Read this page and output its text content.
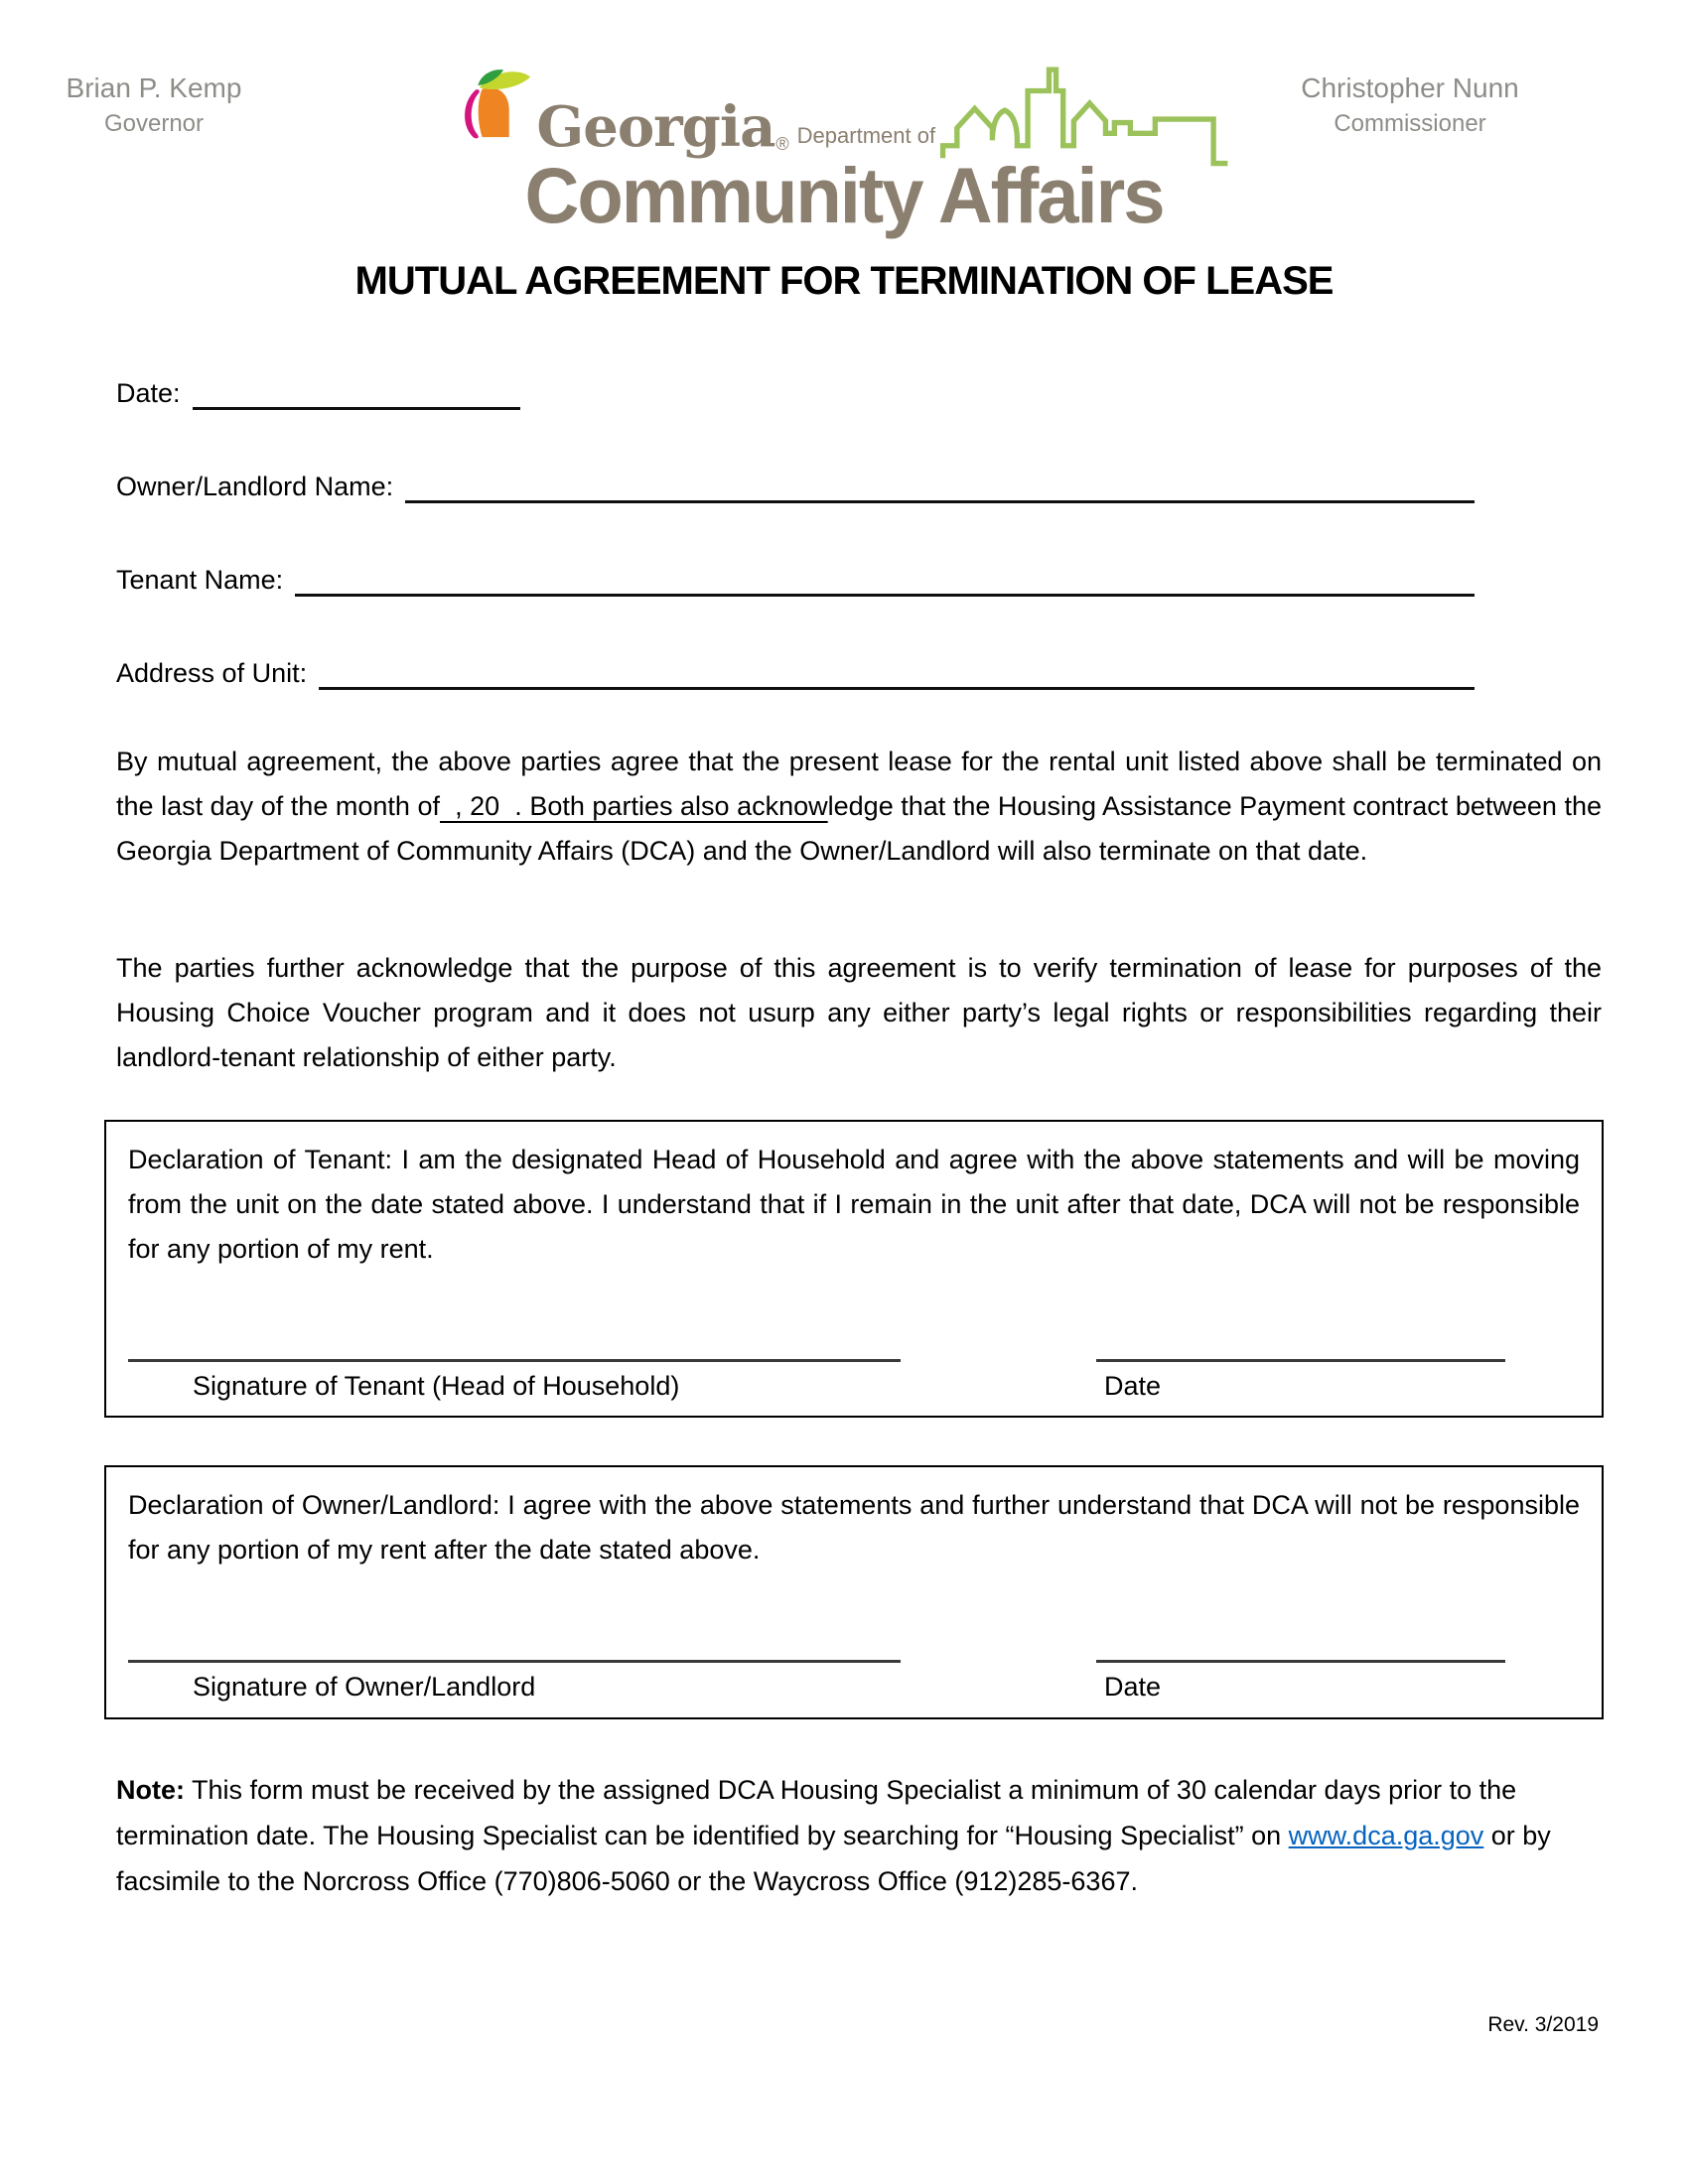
Brian P. Kemp
Governor	Georgia ® Department of
Community Affairs
Christopher Nunn
Commissioner
MUTUAL AGREEMENT FOR TERMINATION OF LEASE
Date:
Owner/Landlord Name:
Tenant Name:
Address of Unit:

By mutual agreement, the above parties agree that the present lease for the rental unit listed above shall be terminated on the last day of the month of  , 20  . Both parties also acknowledge that the Housing Assistance Payment contract between the Georgia Department of Community Affairs (DCA) and the Owner/Landlord will also terminate on that date.

The parties further acknowledge that the purpose of this agreement is to verify termination of lease for purposes of the Housing Choice Voucher program and it does not usurp any either party’s legal rights or responsibilities regarding their landlord-tenant relationship of either party.

Declaration of Tenant: I am the designated Head of Household and agree with the above statements and will be moving from the unit on the date stated above. I understand that if I remain in the unit after that date, DCA will not be responsible for any portion of my rent.

Signature of Tenant (Head of Household)	Date

Declaration of Owner/Landlord: I agree with the above statements and further understand that DCA will not be responsible for any portion of my rent after the date stated above.

Signature of Owner/Landlord	Date

Note: This form must be received by the assigned DCA Housing Specialist a minimum of 30 calendar days prior to the termination date. The Housing Specialist can be identified by searching for “Housing Specialist” on www.dca.ga.gov or by facsimile to the Norcross Office (770)806-5060 or the Waycross Office (912)285-6367.

Rev. 3/2019
